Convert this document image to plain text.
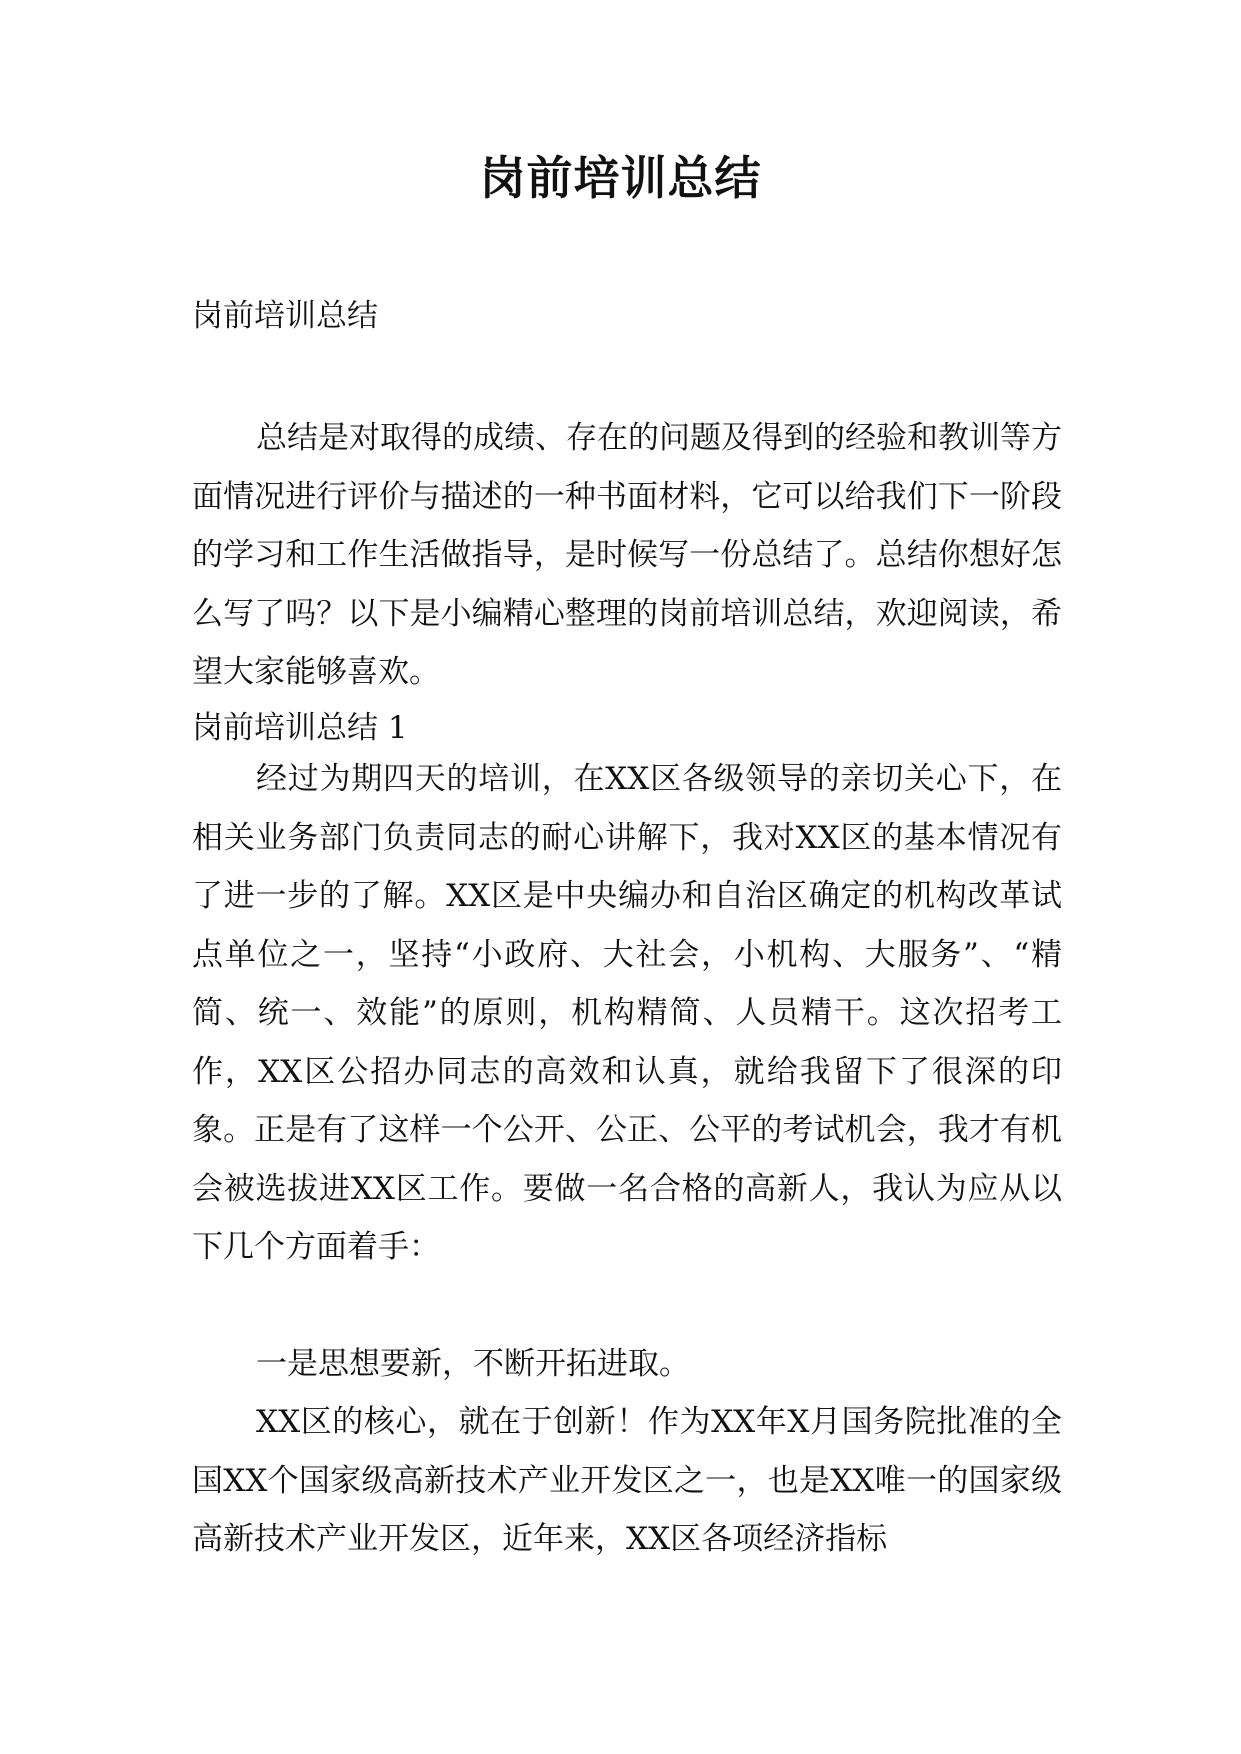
岗前培训总结
岗前培训总结

总结是对取得的成绩、存在的问题及得到的经验和教训等方面情况进行评价与描述的一种书面材料，它可以给我们下一阶段的学习和工作生活做指导，是时候写一份总结了。总结你想好怎么写了吗？以下是小编精心整理的岗前培训总结，欢迎阅读，希望大家能够喜欢。

岗前培训总结 1

经过为期四天的培训，在XX区各级领导的亲切关心下，在相关业务部门负责同志的耐心讲解下，我对XX区的基本情况有了进一步的了解。XX区是中央编办和自治区确定的机构改革试点单位之一，坚持“小政府、大社会，小机构、大服务”、“精简、统一、效能”的原则，机构精简、人员精干。这次招考工作，XX区公招办同志的高效和认真，就给我留下了很深的印象。正是有了这样一个公开、公正、公平的考试机会，我才有机会被选拔进XX区工作。要做一名合格的高新人，我认为应从以下几个方面着手：

一是思想要新，不断开拓进取。

XX区的核心，就在于创新！作为XX年X月国务院批准的全国XX个国家级高新技术产业开发区之一，也是XX唯一的国家级高新技术产业开发区，近年来，XX区各项经济指标
